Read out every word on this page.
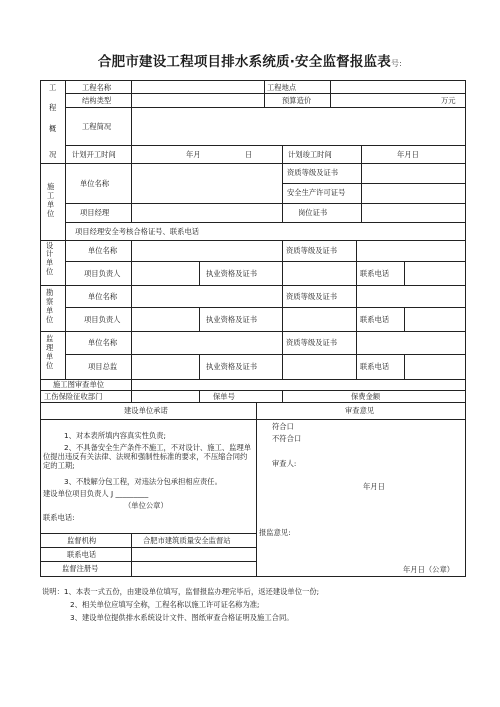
合肥市建设工程项目排水系统质·安全监督报监表号:
工
程
概
况
工程名称	工程地点
结构类型	预算造价	万元
工程简况
计划开工时间	年月	日	计划竣工时间	年月日
施
工
单
位
单位名称
资质等级及证书
安全生产许可证号
项目经理	岗位证书
项目经理安全考核合格证号、联系电话
设
计
单
位
单位名称	资质等级及证书
项目负责人	执业资格及证书	联系电话
勘
察
单
位
单位名称	资质等级及证书
项目负责人	执业资格及证书	联系电话
监
理
单
位
单位名称	资质等级及证书
项目总监	执业资格及证书	联系电话
施工图审查单位
工伤保险征收部门	保单号	保费金额
建设单位承诺	审查意见
1、对本表所填内容真实性负责;
2、不具备安全生产条件不施工，不对设计、施工、监理单位提出违反有关法律、法规和强制性标准的要求，不压缩合同约定的工期;
3、不肢解分包工程，对违法分包承担相应责任。
建设单位项目负责人 J _________
（单位公章）
联系电话:
符合口
不符合口
审查人:
年月日
报监意见:
年月日（公章）
监督机构	合肥市建筑质量安全监督站
联系电话
监督注册号
说明：1、本表一式五份，由建设单位填写，监督报监办理完毕后，返还建设单位一份;
2、相关单位应填写全称，工程名称以施工许可证名称为准;
3、建设单位提供排水系统设计文件、图纸审查合格证明及施工合同。
